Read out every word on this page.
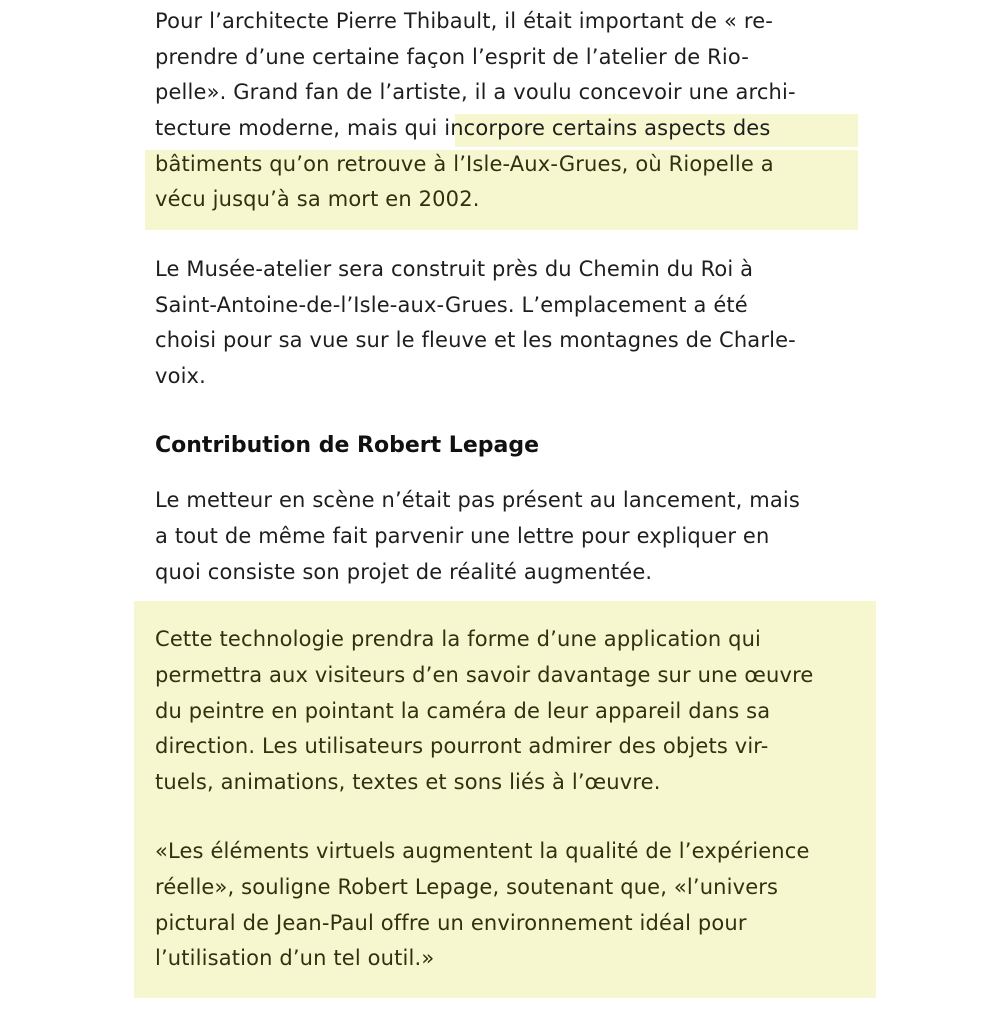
Pour l’architecte Pierre Thibault, il était important de « re-
prendre d’une certaine façon l’esprit de l’atelier de Rio-
pelle». Grand fan de l’artiste, il a voulu concevoir une archi-
tecture moderne, mais qui incorpore certains aspects des
bâtiments qu’on retrouve à l’Isle-Aux-Grues, où Riopelle a
vécu jusqu’à sa mort en 2002.
Le Musée-atelier sera construit près du Chemin du Roi à
Saint-Antoine-de-l’Isle-aux-Grues. L’emplacement a été
choisi pour sa vue sur le fleuve et les montagnes de Charle-
voix.
Contribution de Robert Lepage
Le metteur en scène n’était pas présent au lancement, mais
a tout de même fait parvenir une lettre pour expliquer en
quoi consiste son projet de réalité augmentée.
Cette technologie prendra la forme d’une application qui
permettra aux visiteurs d’en savoir davantage sur une œuvre
du peintre en pointant la caméra de leur appareil dans sa
direction. Les utilisateurs pourront admirer des objets vir-
tuels, animations, textes et sons liés à l’œuvre.
«Les éléments virtuels augmentent la qualité de l’expérience
réelle», souligne Robert Lepage, soutenant que, «l’univers
pictural de Jean-Paul offre un environnement idéal pour
l’utilisation d’un tel outil.»
